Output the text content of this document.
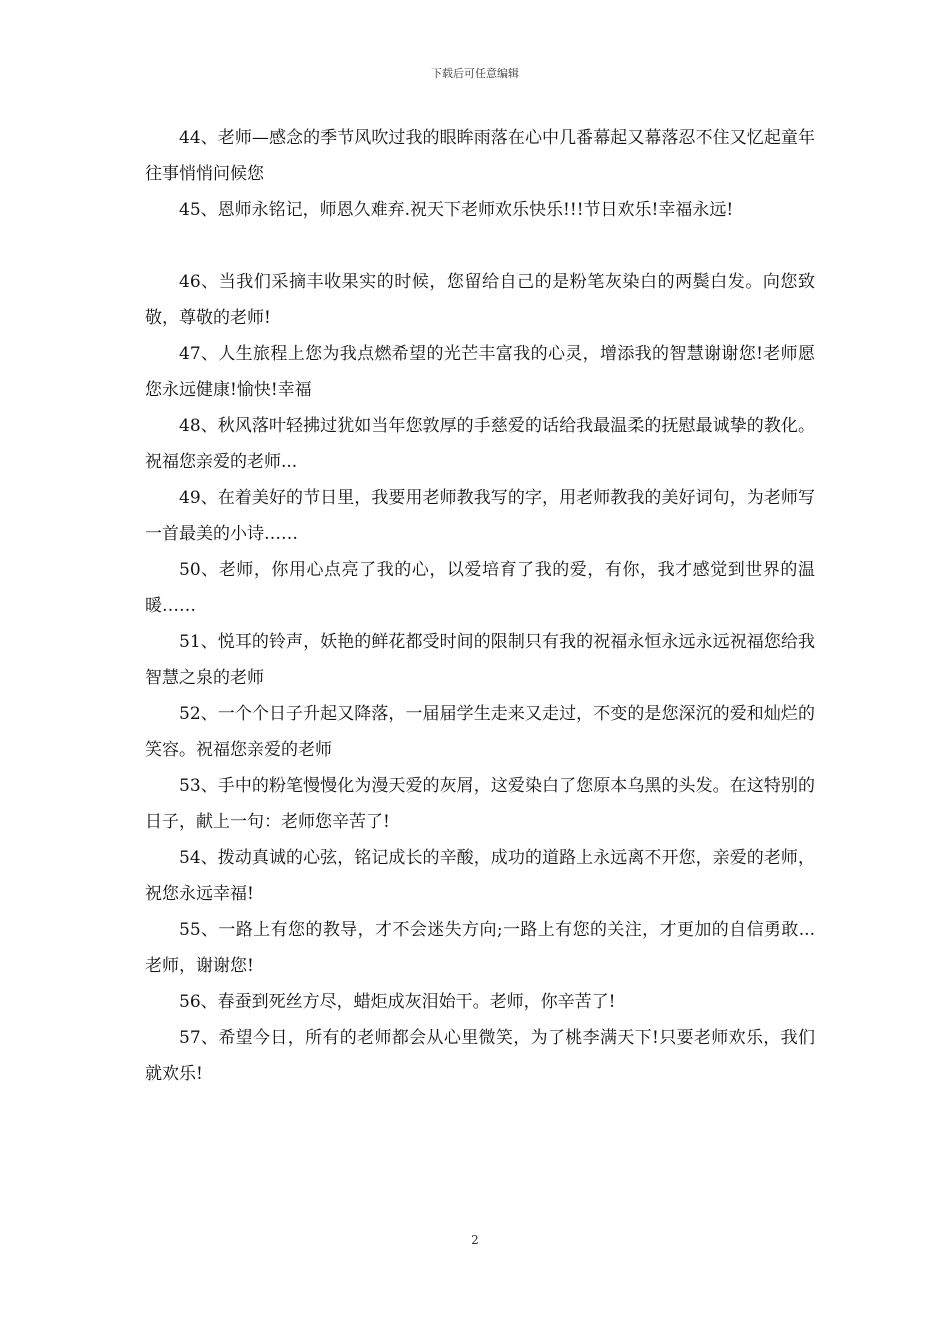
下载后可任意编辑

44、老师—感念的季节风吹过我的眼眸雨落在心中几番幕起又幕落忍不住又忆起童年往事悄悄问候您

45、恩师永铭记，师恩久难弃.祝天下老师欢乐快乐!!!节日欢乐!幸福永远!

46、当我们采摘丰收果实的时候，您留给自己的是粉笔灰染白的两鬓白发。向您致敬，尊敬的老师!

47、人生旅程上您为我点燃希望的光芒丰富我的心灵，增添我的智慧谢谢您!老师愿您永远健康!愉快!幸福

48、秋风落叶轻拂过犹如当年您敦厚的手慈爱的话给我最温柔的抚慰最诚挚的教化。祝福您亲爱的老师...

49、在着美好的节日里，我要用老师教我写的字，用老师教我的美好词句，为老师写一首最美的小诗……

50、老师，你用心点亮了我的心，以爱培育了我的爱，有你，我才感觉到世界的温暖……

51、悦耳的铃声，妖艳的鲜花都受时间的限制只有我的祝福永恒永远永远祝福您给我智慧之泉的老师

52、一个个日子升起又降落，一届届学生走来又走过，不变的是您深沉的爱和灿烂的笑容。祝福您亲爱的老师

53、手中的粉笔慢慢化为漫天爱的灰屑，这爱染白了您原本乌黑的头发。在这特别的日子，献上一句：老师您辛苦了!

54、拨动真诚的心弦，铭记成长的辛酸，成功的道路上永远离不开您，亲爱的老师，祝您永远幸福!

55、一路上有您的教导，才不会迷失方向;一路上有您的关注，才更加的自信勇敢...老师，谢谢您!

56、春蚕到死丝方尽，蜡炬成灰泪始干。老师，你辛苦了!

57、希望今日，所有的老师都会从心里微笑，为了桃李满天下!只要老师欢乐，我们就欢乐!

2
